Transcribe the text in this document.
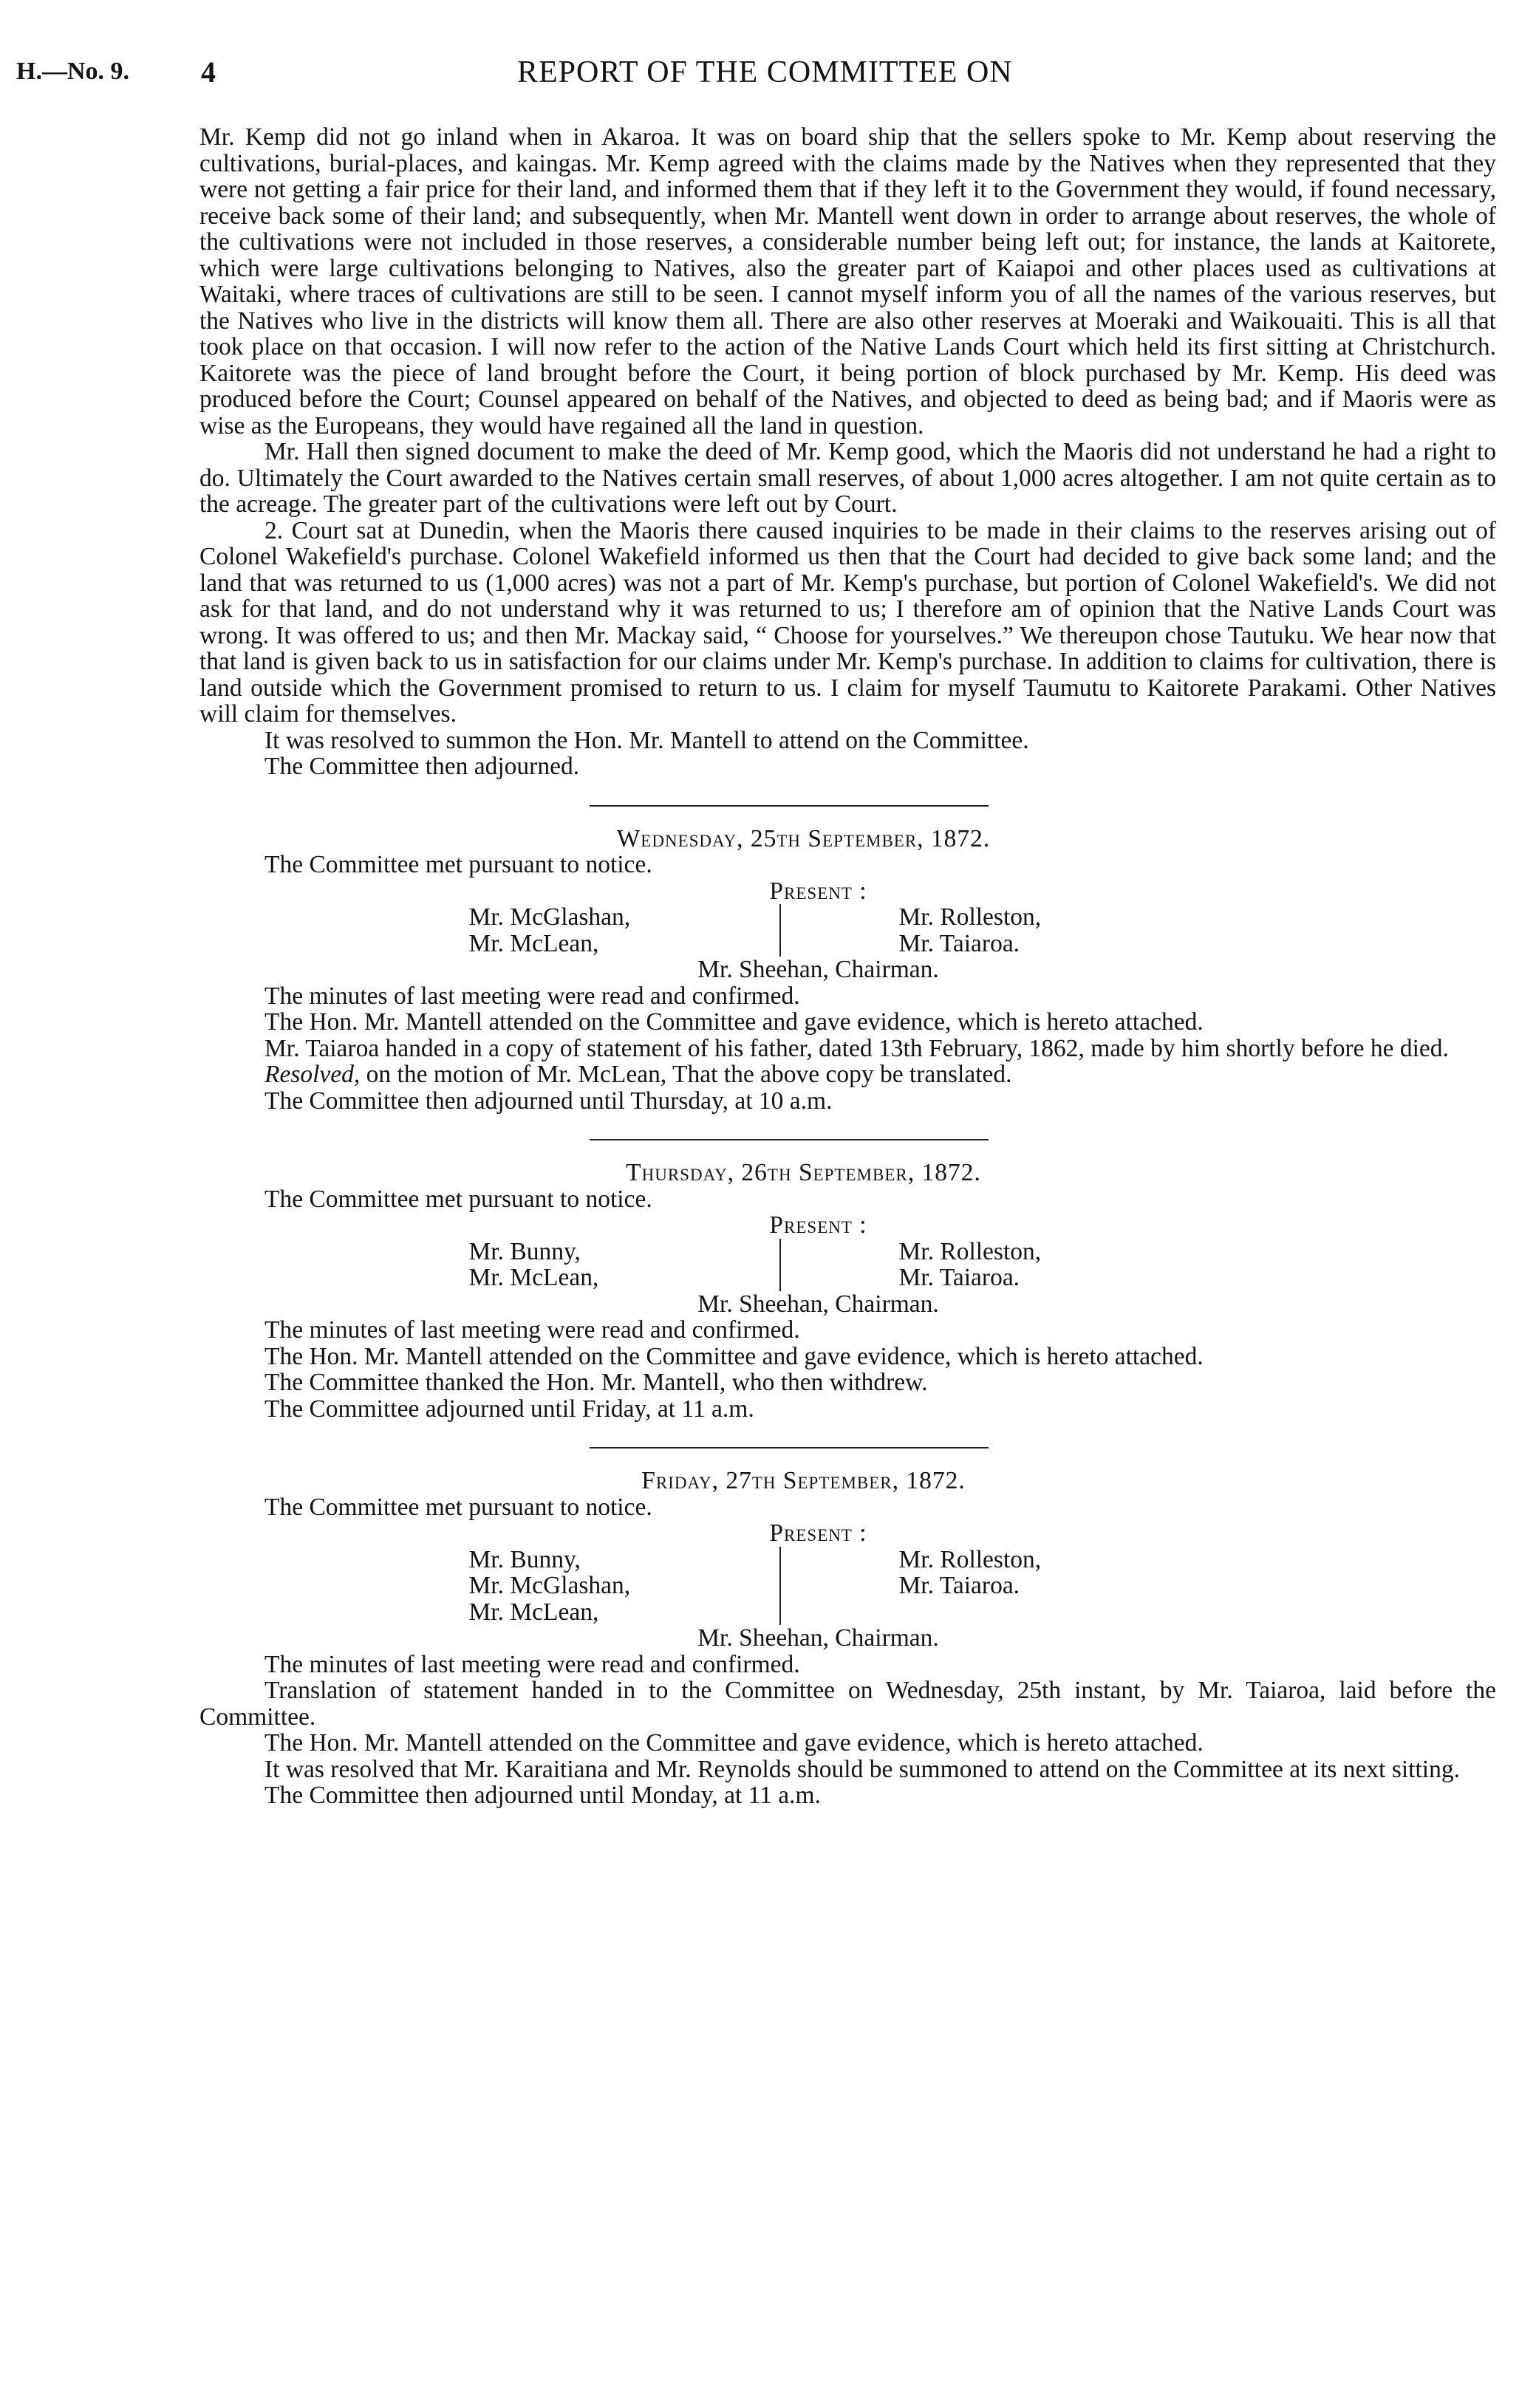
H.—No. 9. 4	REPORT OF THE COMMITTEE ON

Mr. Kemp did not go inland when in Akaroa. It was on board ship that the sellers spoke to Mr. Kemp about reserving the cultivations, burial-places, and kaingas. Mr. Kemp agreed with the claims made by the Natives when they represented that they were not getting a fair price for their land, and informed them that if they left it to the Government they would, if found necessary, receive back some of their land; and subsequently, when Mr. Mantell went down in order to arrange about reserves, the whole of the cultivations were not included in those reserves, a considerable number being left out; for instance, the lands at Kaitorete, which were large cultivations belonging to Natives, also the greater part of Kaiapoi and other places used as cultivations at Waitaki, where traces of cultivations are still to be seen. I cannot myself inform you of all the names of the various reserves, but the Natives who live in the districts will know them all. There are also other reserves at Moeraki and Waikouaiti. This is all that took place on that occasion. I will now refer to the action of the Native Lands Court which held its first sitting at Christchurch. Kaitorete was the piece of land brought before the Court, it being portion of block purchased by Mr. Kemp. His deed was produced before the Court; Counsel appeared on behalf of the Natives, and objected to deed as being bad; and if Maoris were as wise as the Europeans, they would have regained all the land in question.

Mr. Hall then signed document to make the deed of Mr. Kemp good, which the Maoris did not understand he had a right to do. Ultimately the Court awarded to the Natives certain small reserves, of about 1,000 acres altogether. I am not quite certain as to the acreage. The greater part of the cultivations were left out by Court.

2. Court sat at Dunedin, when the Maoris there caused inquiries to be made in their claims to the reserves arising out of Colonel Wakefield's purchase. Colonel Wakefield informed us then that the Court had decided to give back some land; and the land that was returned to us (1,000 acres) was not a part of Mr. Kemp's purchase, but portion of Colonel Wakefield's. We did not ask for that land, and do not understand why it was returned to us; I therefore am of opinion that the Native Lands Court was wrong. It was offered to us; and then Mr. Mackay said, “ Choose for yourselves.” We thereupon chose Tautuku. We hear now that that land is given back to us in satisfaction for our claims under Mr. Kemp's purchase. In addition to claims for cultivation, there is land outside which the Government promised to return to us. I claim for myself Taumutu to Kaitorete Parakami. Other Natives will claim for themselves.

It was resolved to summon the Hon. Mr. Mantell to attend on the Committee.

The Committee then adjourned.

Wednesday, 25th September, 1872.

The Committee met pursuant to notice.

Present :

Mr. McGlashan,
Mr. McLean,
Mr. Rolleston,
Mr. Taiaroa.

Mr. Sheehan, Chairman.

The minutes of last meeting were read and confirmed.

The Hon. Mr. Mantell attended on the Committee and gave evidence, which is hereto attached.

Mr. Taiaroa handed in a copy of statement of his father, dated 13th February, 1862, made by him shortly before he died.

Resolved, on the motion of Mr. McLean, That the above copy be translated.

The Committee then adjourned until Thursday, at 10 a.m.

Thursday, 26th September, 1872.

The Committee met pursuant to notice.

Present :

Mr. Bunny,
Mr. McLean,
Mr. Rolleston,
Mr. Taiaroa.

Mr. Sheehan, Chairman.

The minutes of last meeting were read and confirmed.

The Hon. Mr. Mantell attended on the Committee and gave evidence, which is hereto attached.

The Committee thanked the Hon. Mr. Mantell, who then withdrew.

The Committee adjourned until Friday, at 11 a.m.

Friday, 27th September, 1872.

The Committee met pursuant to notice.

Present :

Mr. Bunny,
Mr. McGlashan,
Mr. McLean,
Mr. Rolleston,
Mr. Taiaroa.

Mr. Sheehan, Chairman.

The minutes of last meeting were read and confirmed.

Translation of statement handed in to the Committee on Wednesday, 25th instant, by Mr. Taiaroa, laid before the Committee.

The Hon. Mr. Mantell attended on the Committee and gave evidence, which is hereto attached.

It was resolved that Mr. Karaitiana and Mr. Reynolds should be summoned to attend on the Committee at its next sitting.

The Committee then adjourned until Monday, at 11 a.m.
